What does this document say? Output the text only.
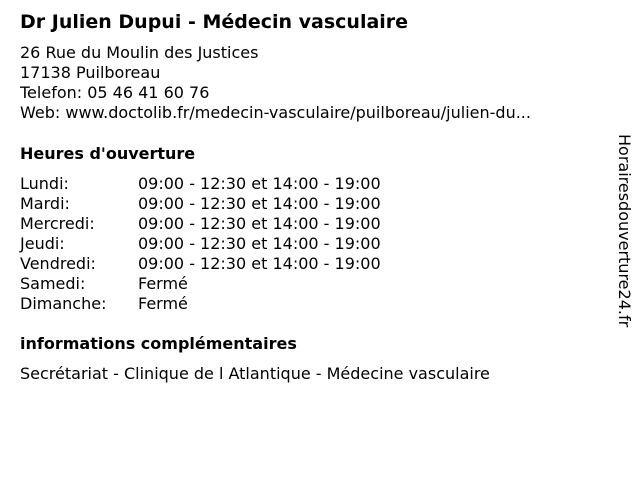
Dr Julien Dupui - Médecin vasculaire
26 Rue du Moulin des Justices
17138 Puilboreau
Telefon: 05 46 41 60 76
Web: www.doctolib.fr/medecin-vasculaire/puilboreau/julien-du...
Heures d'ouverture
Lundi:	09:00 - 12:30 et 14:00 - 19:00
Mardi:	09:00 - 12:30 et 14:00 - 19:00
Mercredi:	09:00 - 12:30 et 14:00 - 19:00
Jeudi:	09:00 - 12:30 et 14:00 - 19:00
Vendredi:	09:00 - 12:30 et 14:00 - 19:00
Samedi:	Fermé
Dimanche:	Fermé
informations complémentaires
Secrétariat - Clinique de l Atlantique - Médecine vasculaire
Horairesdouverture24.fr
